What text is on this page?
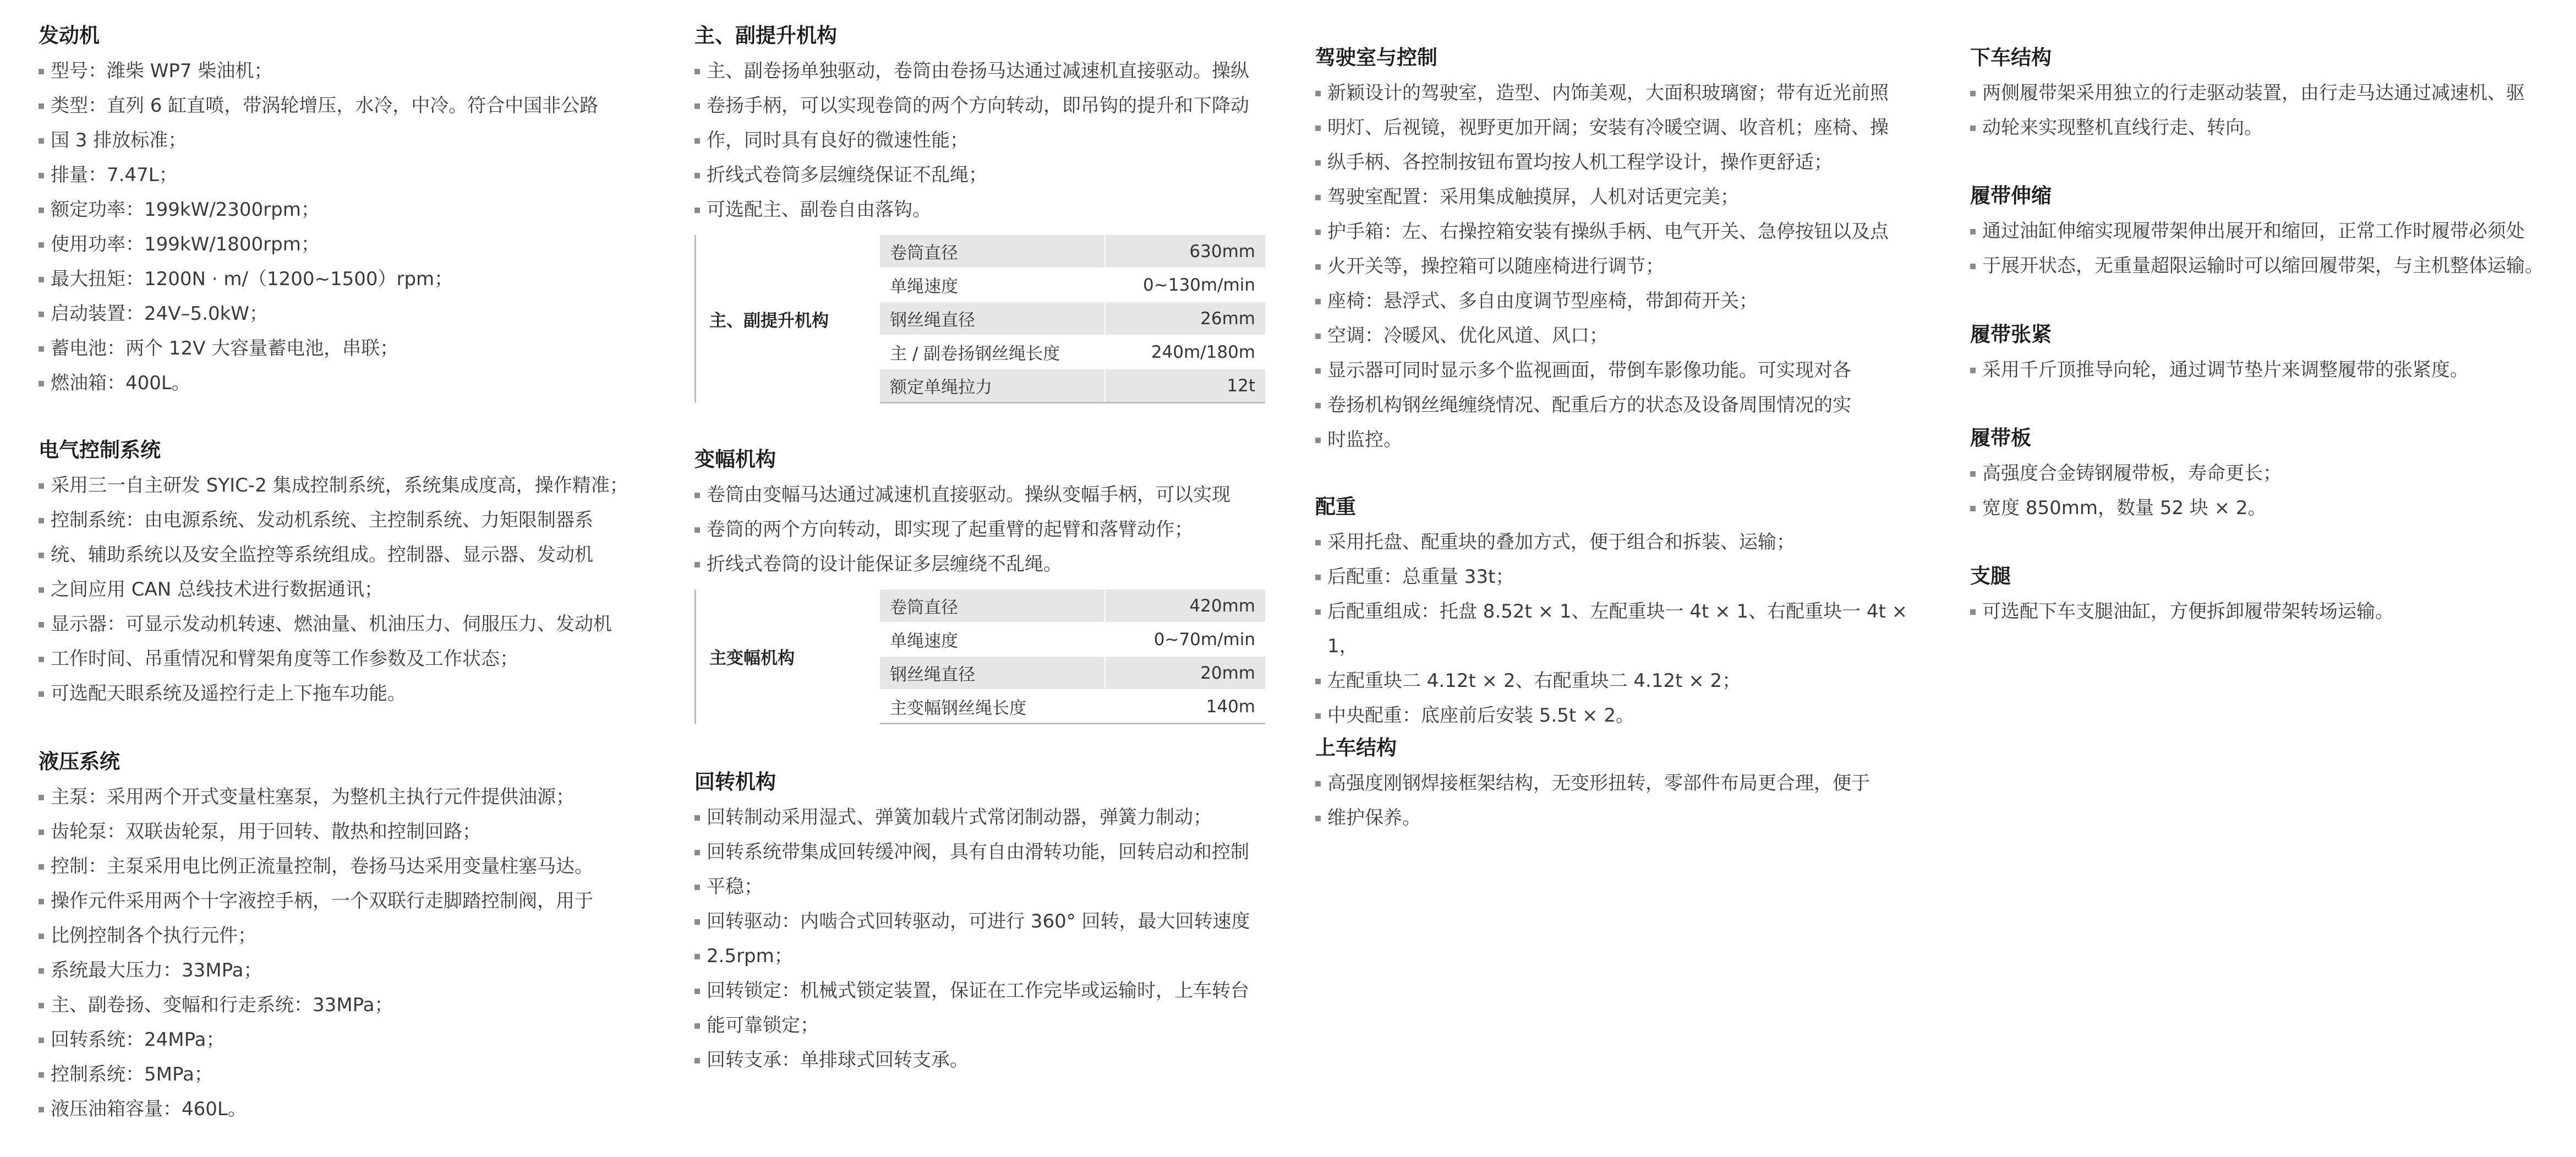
发动机
型号：潍柴 WP7 柴油机；
类型：直列 6 缸直喷，带涡轮增压，水冷，中冷。符合中国非公路
国 3 排放标准；
排量：7.47L；
额定功率：199kW/2300rpm；
使用功率：199kW/1800rpm；
最大扭矩：1200N · m/（1200~1500）rpm；
启动装置：24V–5.0kW；
蓄电池：两个 12V 大容量蓄电池，串联；
燃油箱：400L。
电气控制系统
采用三一自主研发 SYIC-2 集成控制系统，系统集成度高，操作精准；
控制系统：由电源系统、发动机系统、主控制系统、力矩限制器系
统、辅助系统以及安全监控等系统组成。控制器、显示器、发动机
之间应用 CAN 总线技术进行数据通讯；
显示器：可显示发动机转速、燃油量、机油压力、伺服压力、发动机
工作时间、吊重情况和臂架角度等工作参数及工作状态；
可选配天眼系统及遥控行走上下拖车功能。
液压系统
主泵：采用两个开式变量柱塞泵，为整机主执行元件提供油源；
齿轮泵：双联齿轮泵，用于回转、散热和控制回路；
控制：主泵采用电比例正流量控制，卷扬马达采用变量柱塞马达。
操作元件采用两个十字液控手柄，一个双联行走脚踏控制阀，用于
比例控制各个执行元件；
系统最大压力：33MPa；
主、副卷扬、变幅和行走系统：33MPa；
回转系统：24MPa；
控制系统：5MPa；
液压油箱容量：460L。
主、副提升机构
主、副卷扬单独驱动，卷筒由卷扬马达通过减速机直接驱动。操纵
卷扬手柄，可以实现卷筒的两个方向转动，即吊钩的提升和下降动
作，同时具有良好的微速性能；
折线式卷筒多层缠绕保证不乱绳；
可选配主、副卷自由落钩。
主、副提升机构	卷筒直径	630mm
	单绳速度	0~130m/min
	钢丝绳直径	26mm
	主 / 副卷扬钢丝绳长度	240m/180m
	额定单绳拉力	12t
变幅机构
卷筒由变幅马达通过减速机直接驱动。操纵变幅手柄，可以实现
卷筒的两个方向转动，即实现了起重臂的起臂和落臂动作；
折线式卷筒的设计能保证多层缠绕不乱绳。
主变幅机构	卷筒直径	420mm
	单绳速度	0~70m/min
	钢丝绳直径	20mm
	主变幅钢丝绳长度	140m
回转机构
回转制动采用湿式、弹簧加载片式常闭制动器，弹簧力制动；
回转系统带集成回转缓冲阀，具有自由滑转功能，回转启动和控制
平稳；
回转驱动：内啮合式回转驱动，可进行 360° 回转，最大回转速度
2.5rpm；
回转锁定：机械式锁定装置，保证在工作完毕或运输时，上车转台
能可靠锁定；
回转支承：单排球式回转支承。
驾驶室与控制
新颖设计的驾驶室，造型、内饰美观，大面积玻璃窗；带有近光前照
明灯、后视镜，视野更加开阔；安装有冷暖空调、收音机；座椅、操
纵手柄、各控制按钮布置均按人机工程学设计，操作更舒适；
驾驶室配置：采用集成触摸屏，人机对话更完美；
护手箱：左、右操控箱安装有操纵手柄、电气开关、急停按钮以及点
火开关等，操控箱可以随座椅进行调节；
座椅：悬浮式、多自由度调节型座椅，带卸荷开关；
空调：冷暖风、优化风道、风口；
显示器可同时显示多个监视画面，带倒车影像功能。可实现对各
卷扬机构钢丝绳缠绕情况、配重后方的状态及设备周围情况的实
时监控。
配重
采用托盘、配重块的叠加方式，便于组合和拆装、运输；
后配重：总重量 33t；
后配重组成：托盘 8.52t × 1、左配重块一 4t × 1、右配重块一 4t × 1，
左配重块二 4.12t × 2、右配重块二 4.12t × 2；
中央配重：底座前后安装 5.5t × 2。
上车结构
高强度刚钢焊接框架结构，无变形扭转，零部件布局更合理，便于
维护保养。
下车结构
两侧履带架采用独立的行走驱动装置，由行走马达通过减速机、驱
动轮来实现整机直线行走、转向。
履带伸缩
通过油缸伸缩实现履带架伸出展开和缩回，正常工作时履带必须处
于展开状态，无重量超限运输时可以缩回履带架，与主机整体运输。
履带张紧
采用千斤顶推导向轮，通过调节垫片来调整履带的张紧度。
履带板
高强度合金铸钢履带板，寿命更长；
宽度 850mm，数量 52 块 × 2。
支腿
可选配下车支腿油缸，方便拆卸履带架转场运输。
